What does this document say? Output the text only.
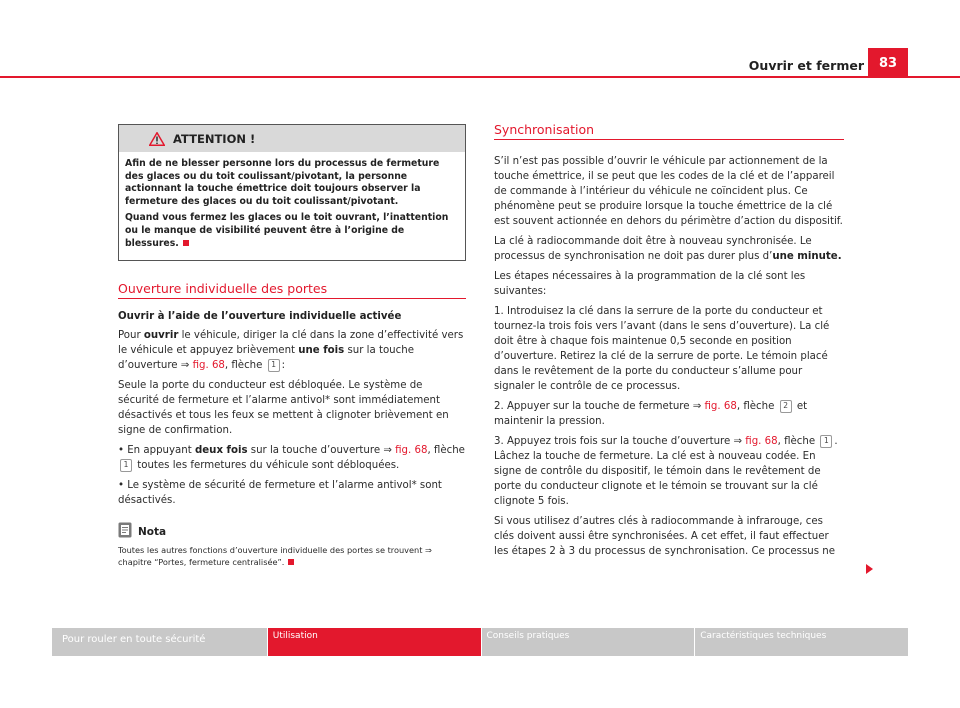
Ouvrir et fermer	83
ATTENTION !

Afin de ne blesser personne lors du processus de fermeture des glaces ou du toit coulissant/pivotant, la personne actionnant la touche émettrice doit toujours observer la fermeture des glaces ou du toit coulissant/pivotant.

Quand vous fermez les glaces ou le toit ouvrant, l’inattention ou le manque de visibilité peuvent être à l’origine de blessures.

Ouverture individuelle des portes
Ouvrir à l’aide de l’ouverture individuelle activée

Pour ouvrir le véhicule, diriger la clé dans la zone d’effectivité vers le véhicule et appuyez brièvement une fois sur la touche d’ouverture ⇒ fig. 68, flèche 1 :

Seule la porte du conducteur est débloquée. Le système de sécurité de fermeture et l’alarme antivol* sont immédiatement désactivés et tous les feux se mettent à clignoter brièvement en signe de confirmation.

• En appuyant deux fois sur la touche d’ouverture ⇒ fig. 68, flèche
1 toutes les fermetures du véhicule sont débloquées.

• Le système de sécurité de fermeture et l’alarme antivol* sont désactivés.

Nota
Toutes les autres fonctions d’ouverture individuelle des portes se trouvent ⇒ chapitre “Portes, fermeture centralisée”.
Synchronisation

S’il n’est pas possible d’ouvrir le véhicule par actionnement de la touche émettrice, il se peut que les codes de la clé et de l’appareil de commande à l’intérieur du véhicule ne coïncident plus. Ce phénomène peut se produire lorsque la touche émettrice de la clé est souvent actionnée en dehors du périmètre d’action du dispositif.

La clé à radiocommande doit être à nouveau synchronisée. Le processus de synchronisation ne doit pas durer plus d’une minute.

Les étapes nécessaires à la programmation de la clé sont les suivantes:

1. Introduisez la clé dans la serrure de la porte du conducteur et tournez-la trois fois vers l’avant (dans le sens d’ouverture). La clé doit être à chaque fois maintenue 0,5 seconde en position d’ouverture. Retirez la clé de la serrure de porte. Le témoin placé dans le revêtement de la porte du conducteur s’allume pour signaler le contrôle de ce processus.

2. Appuyer sur la touche de fermeture ⇒ fig. 68, flèche 2 et maintenir la pression.

3. Appuyez trois fois sur la touche d’ouverture ⇒ fig. 68, flèche 1 . Lâchez la touche de fermeture. La clé est à nouveau codée. En signe de contrôle du dispositif, le témoin dans le revêtement de porte du conducteur clignote et le témoin se trouvant sur la clé clignote 5 fois.

Si vous utilisez d’autres clés à radiocommande à infrarouge, ces clés doivent aussi être synchronisées. A cet effet, il faut effectuer les étapes 2 à 3 du processus de synchronisation. Ce processus ne

Pour rouler en toute sécurité	Utilisation	Conseils pratiques	Caractéristiques techniques
